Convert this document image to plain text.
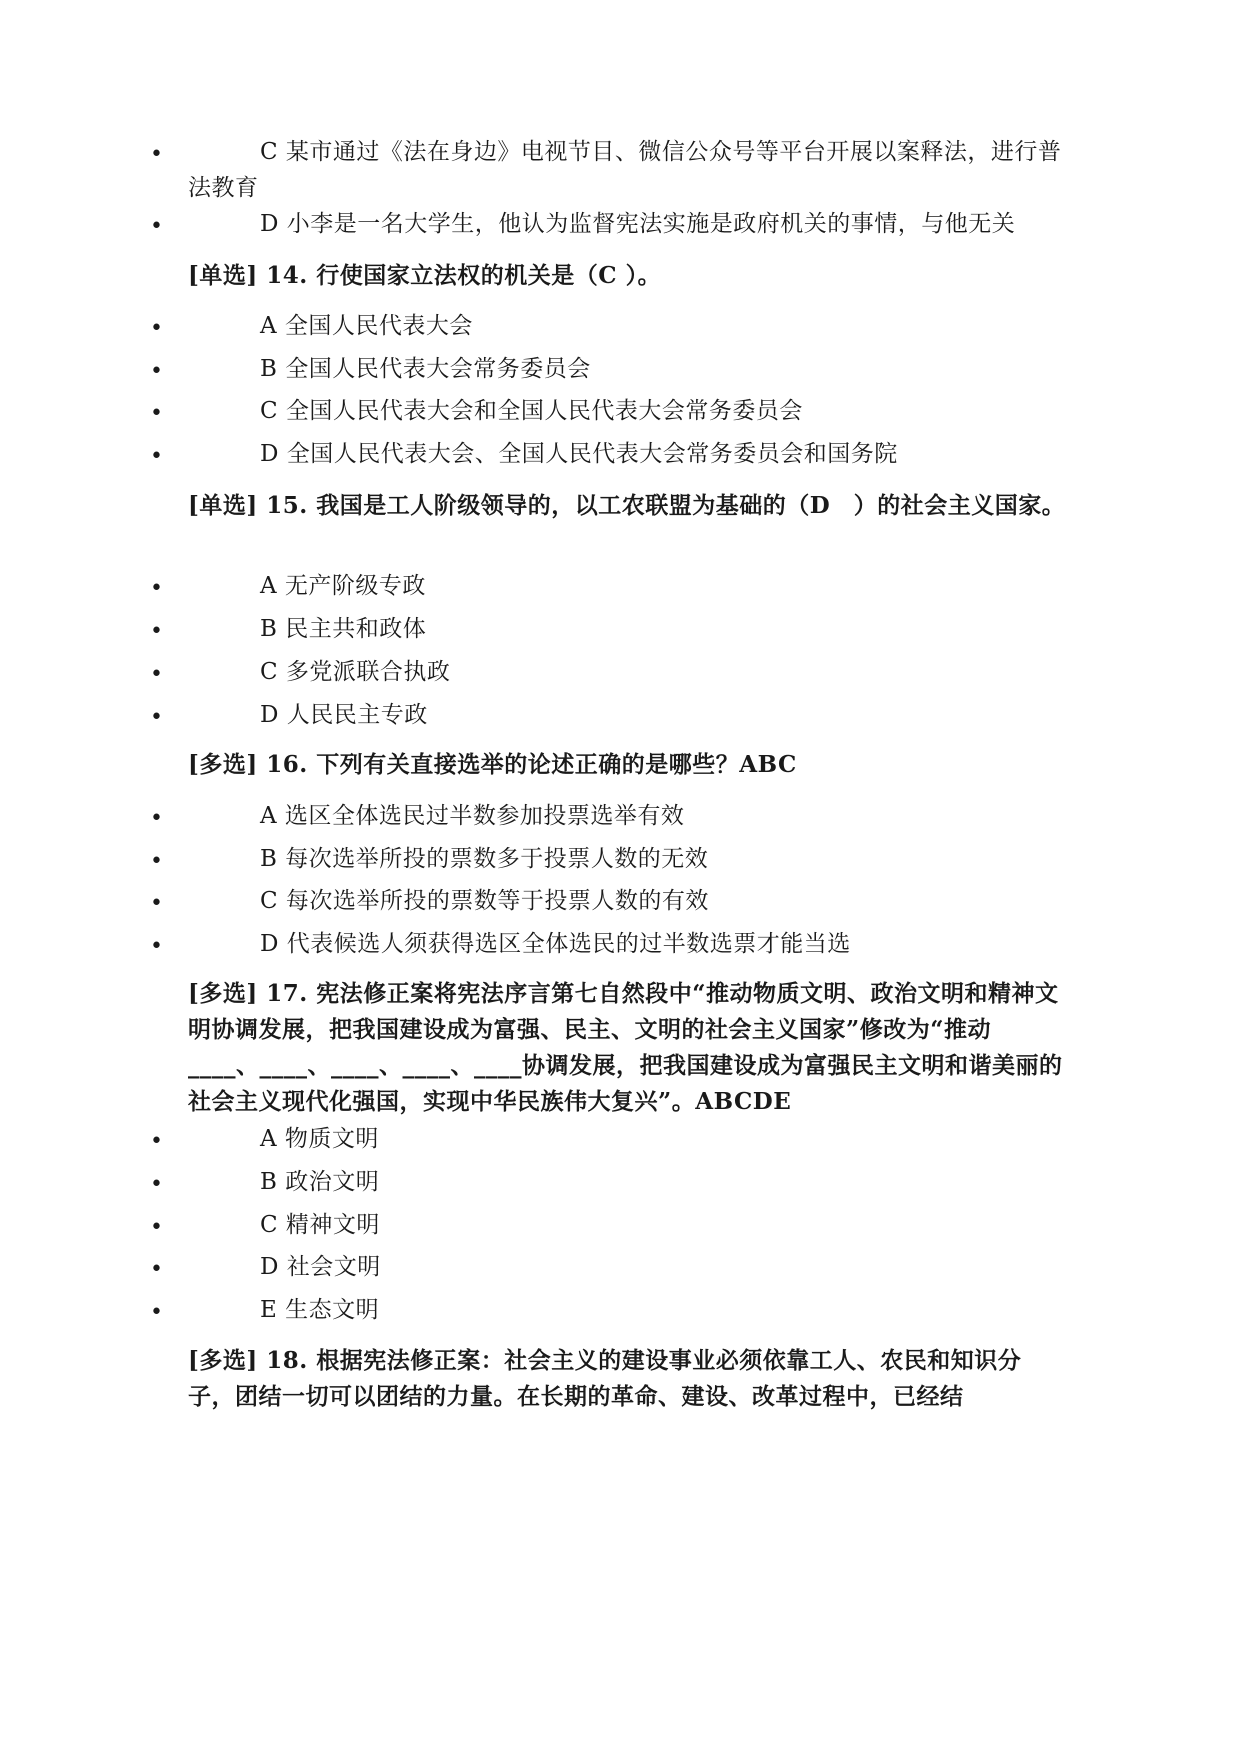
•	C 某市通过《法在身边》电视节目、微信公众号等平台开展以案释法，进行普法教育
•	D 小李是一名大学生，他认为监督宪法实施是政府机关的事情，与他无关
[单选] 14. 行使国家立法权的机关是（C ）。
•	A 全国人民代表大会
•	B 全国人民代表大会常务委员会
•	C 全国人民代表大会和全国人民代表大会常务委员会
•	D 全国人民代表大会、全国人民代表大会常务委员会和国务院
[单选] 15. 我国是工人阶级领导的，以工农联盟为基础的（D　）的社会主义国家。
•	A 无产阶级专政
•	B 民主共和政体
•	C 多党派联合执政
•	D 人民民主专政
[多选] 16. 下列有关直接选举的论述正确的是哪些？ABC
•	A 选区全体选民过半数参加投票选举有效
•	B 每次选举所投的票数多于投票人数的无效
•	C 每次选举所投的票数等于投票人数的有效
•	D 代表候选人须获得选区全体选民的过半数选票才能当选
[多选] 17. 宪法修正案将宪法序言第七自然段中“推动物质文明、政治文明和精神文明协调发展，把我国建设成为富强、民主、文明的社会主义国家”修改为“推动 ____、____、____、____、____协调发展，把我国建设成为富强民主文明和谐美丽的社会主义现代化强国，实现中华民族伟大复兴”。ABCDE
•	A 物质文明
•	B 政治文明
•	C 精神文明
•	D 社会文明
•	E 生态文明
[多选] 18. 根据宪法修正案：社会主义的建设事业必须依靠工人、农民和知识分子，团结一切可以团结的力量。在长期的革命、建设、改革过程中，已经结
